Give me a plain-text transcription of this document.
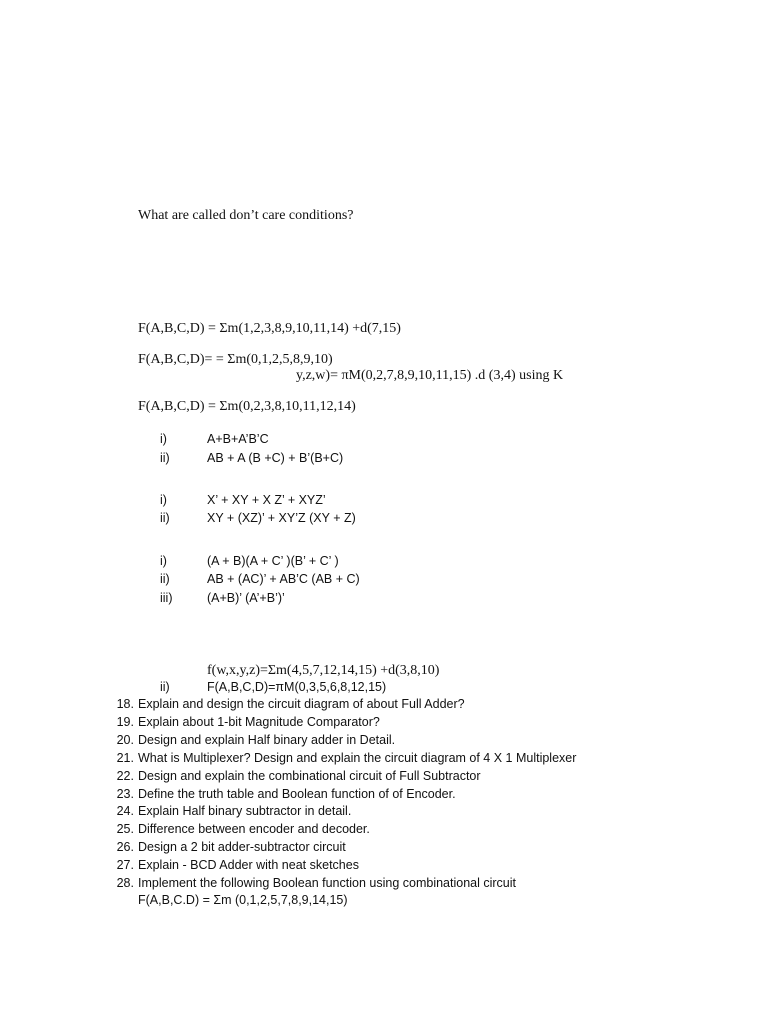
What are called don’t care conditions?
F(A,B,C,D) = Σm(1,2,3,8,9,10,11,14) +d(7,15)
F(A,B,C,D)= = Σm(0,1,2,5,8,9,10)
y,z,w)= πM(0,2,7,8,9,10,11,15) .d (3,4) using K
F(A,B,C,D) = Σm(0,2,3,8,10,11,12,14)
i)	A+B+A’B’C
ii)	AB + A (B +C) + B’(B+C)
i)	X’ + XY + X Z’ + XYZ’
ii)	XY + (XZ)’ + XY’Z (XY + Z)
i)	(A + B)(A + C’ )(B’ + C’ )
ii)	AB + (AC)’ + AB’C (AB + C)
iii)	(A+B)’ (A’+B’)’
f(w,x,y,z)=Σm(4,5,7,12,14,15) +d(3,8,10)
ii)	F(A,B,C,D)=πM(0,3,5,6,8,12,15)
18. Explain and design the circuit diagram of about Full Adder?
19. Explain about 1-bit Magnitude Comparator?
20. Design and explain Half binary adder in Detail.
21. What is Multiplexer? Design and explain the circuit diagram of 4 X 1 Multiplexer
22. Design and explain the combinational circuit of Full Subtractor
23. Define the truth table and Boolean function of of Encoder.
24. Explain Half binary subtractor in detail.
25. Difference between encoder and decoder.
26. Design a 2 bit adder-subtractor circuit
27. Explain - BCD Adder with neat sketches
28. Implement the following Boolean function using combinational circuit
F(A,B,C.D) = Σm (0,1,2,5,7,8,9,14,15)
